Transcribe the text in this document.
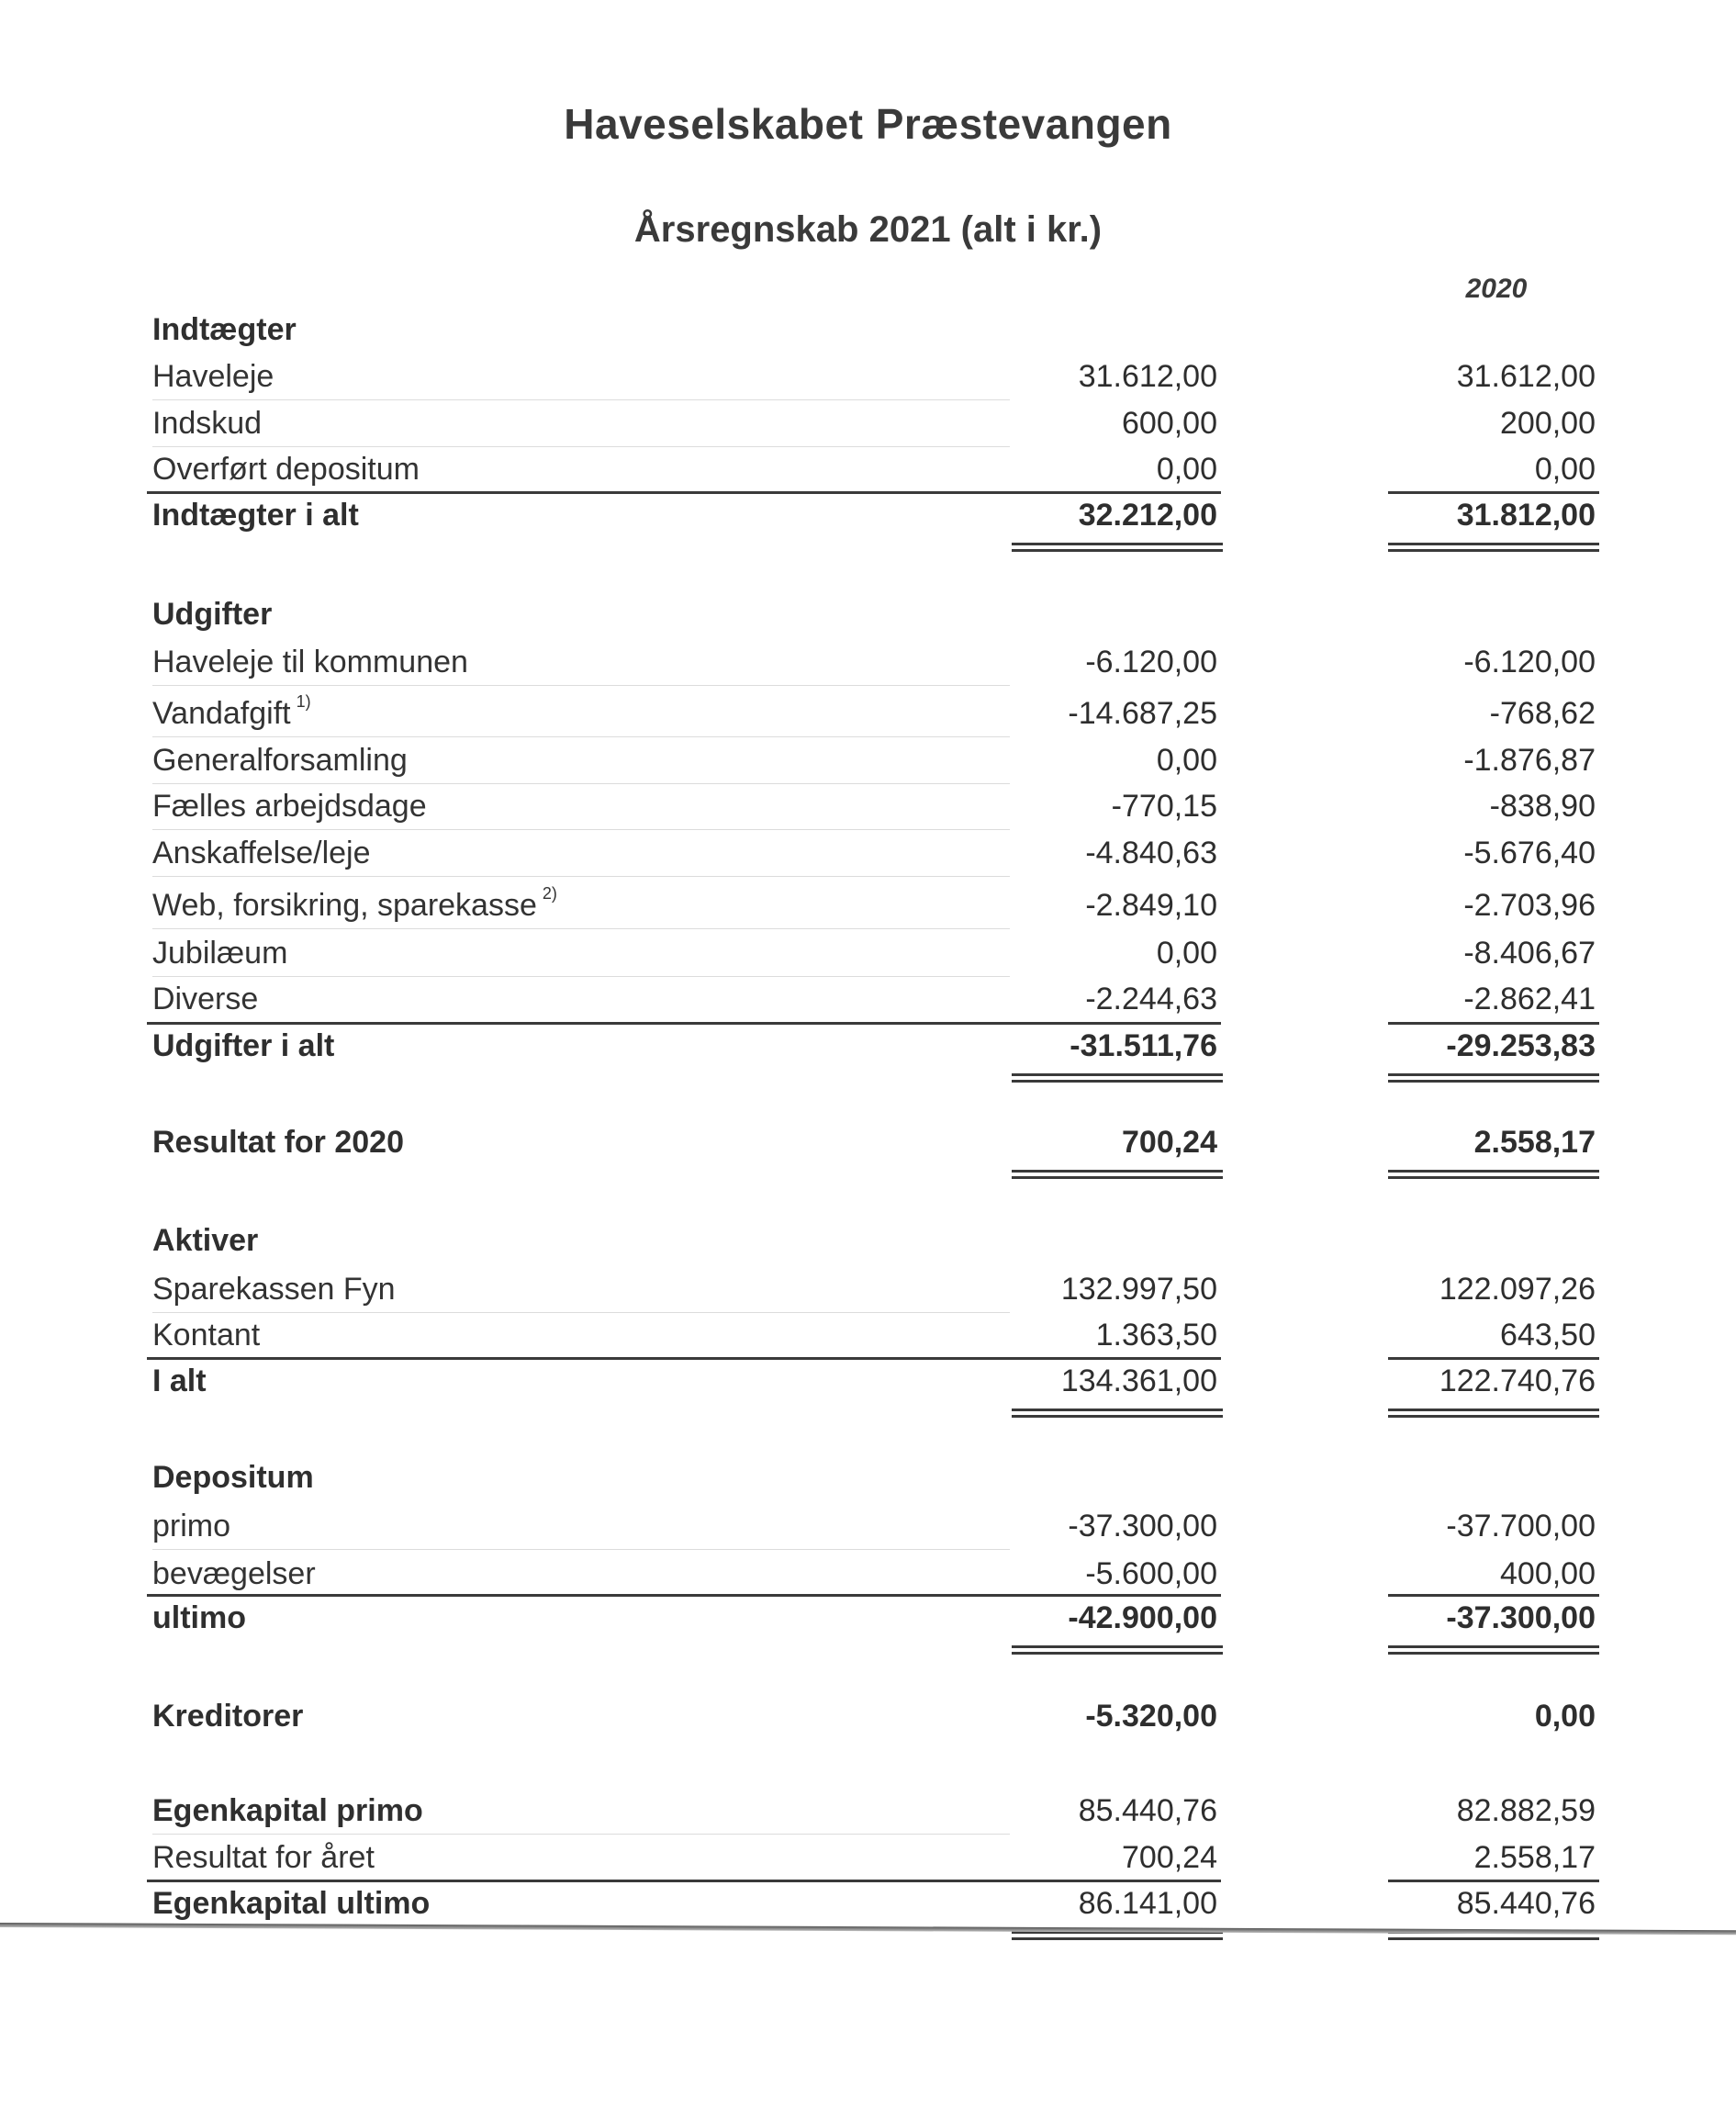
Haveselskabet Præstevangen
Årsregnskab 2021 (alt i kr.)
2020
Indtægter
Haveleje	31.612,00	31.612,00
Indskud	600,00	200,00
Overført depositum	0,00	0,00
Indtægter i alt	32.212,00	31.812,00
Udgifter
Haveleje til kommunen	-6.120,00	-6.120,00
Vandafgift $^{1)}$	-14.687,25	-768,62
Generalforsamling	0,00	-1.876,87
Fælles arbejdsdage	-770,15	-838,90
Anskaffelse/leje	-4.840,63	-5.676,40
Web, forsikring, sparekasse $^{2)}$	-2.849,10	-2.703,96
Jubilæum	0,00	-8.406,67
Diverse	-2.244,63	-2.862,41
Udgifter i alt	-31.511,76	-29.253,83
Resultat for 2020	700,24	2.558,17
Aktiver
Sparekassen Fyn	132.997,50	122.097,26
Kontant	1.363,50	643,50
I alt	134.361,00	122.740,76
Depositum
primo	-37.300,00	-37.700,00
bevægelser	-5.600,00	400,00
ultimo	-42.900,00	-37.300,00
Kreditorer	-5.320,00	0,00
Egenkapital primo	85.440,76	82.882,59
Resultat for året	700,24	2.558,17
Egenkapital ultimo	86.141,00	85.440,76
